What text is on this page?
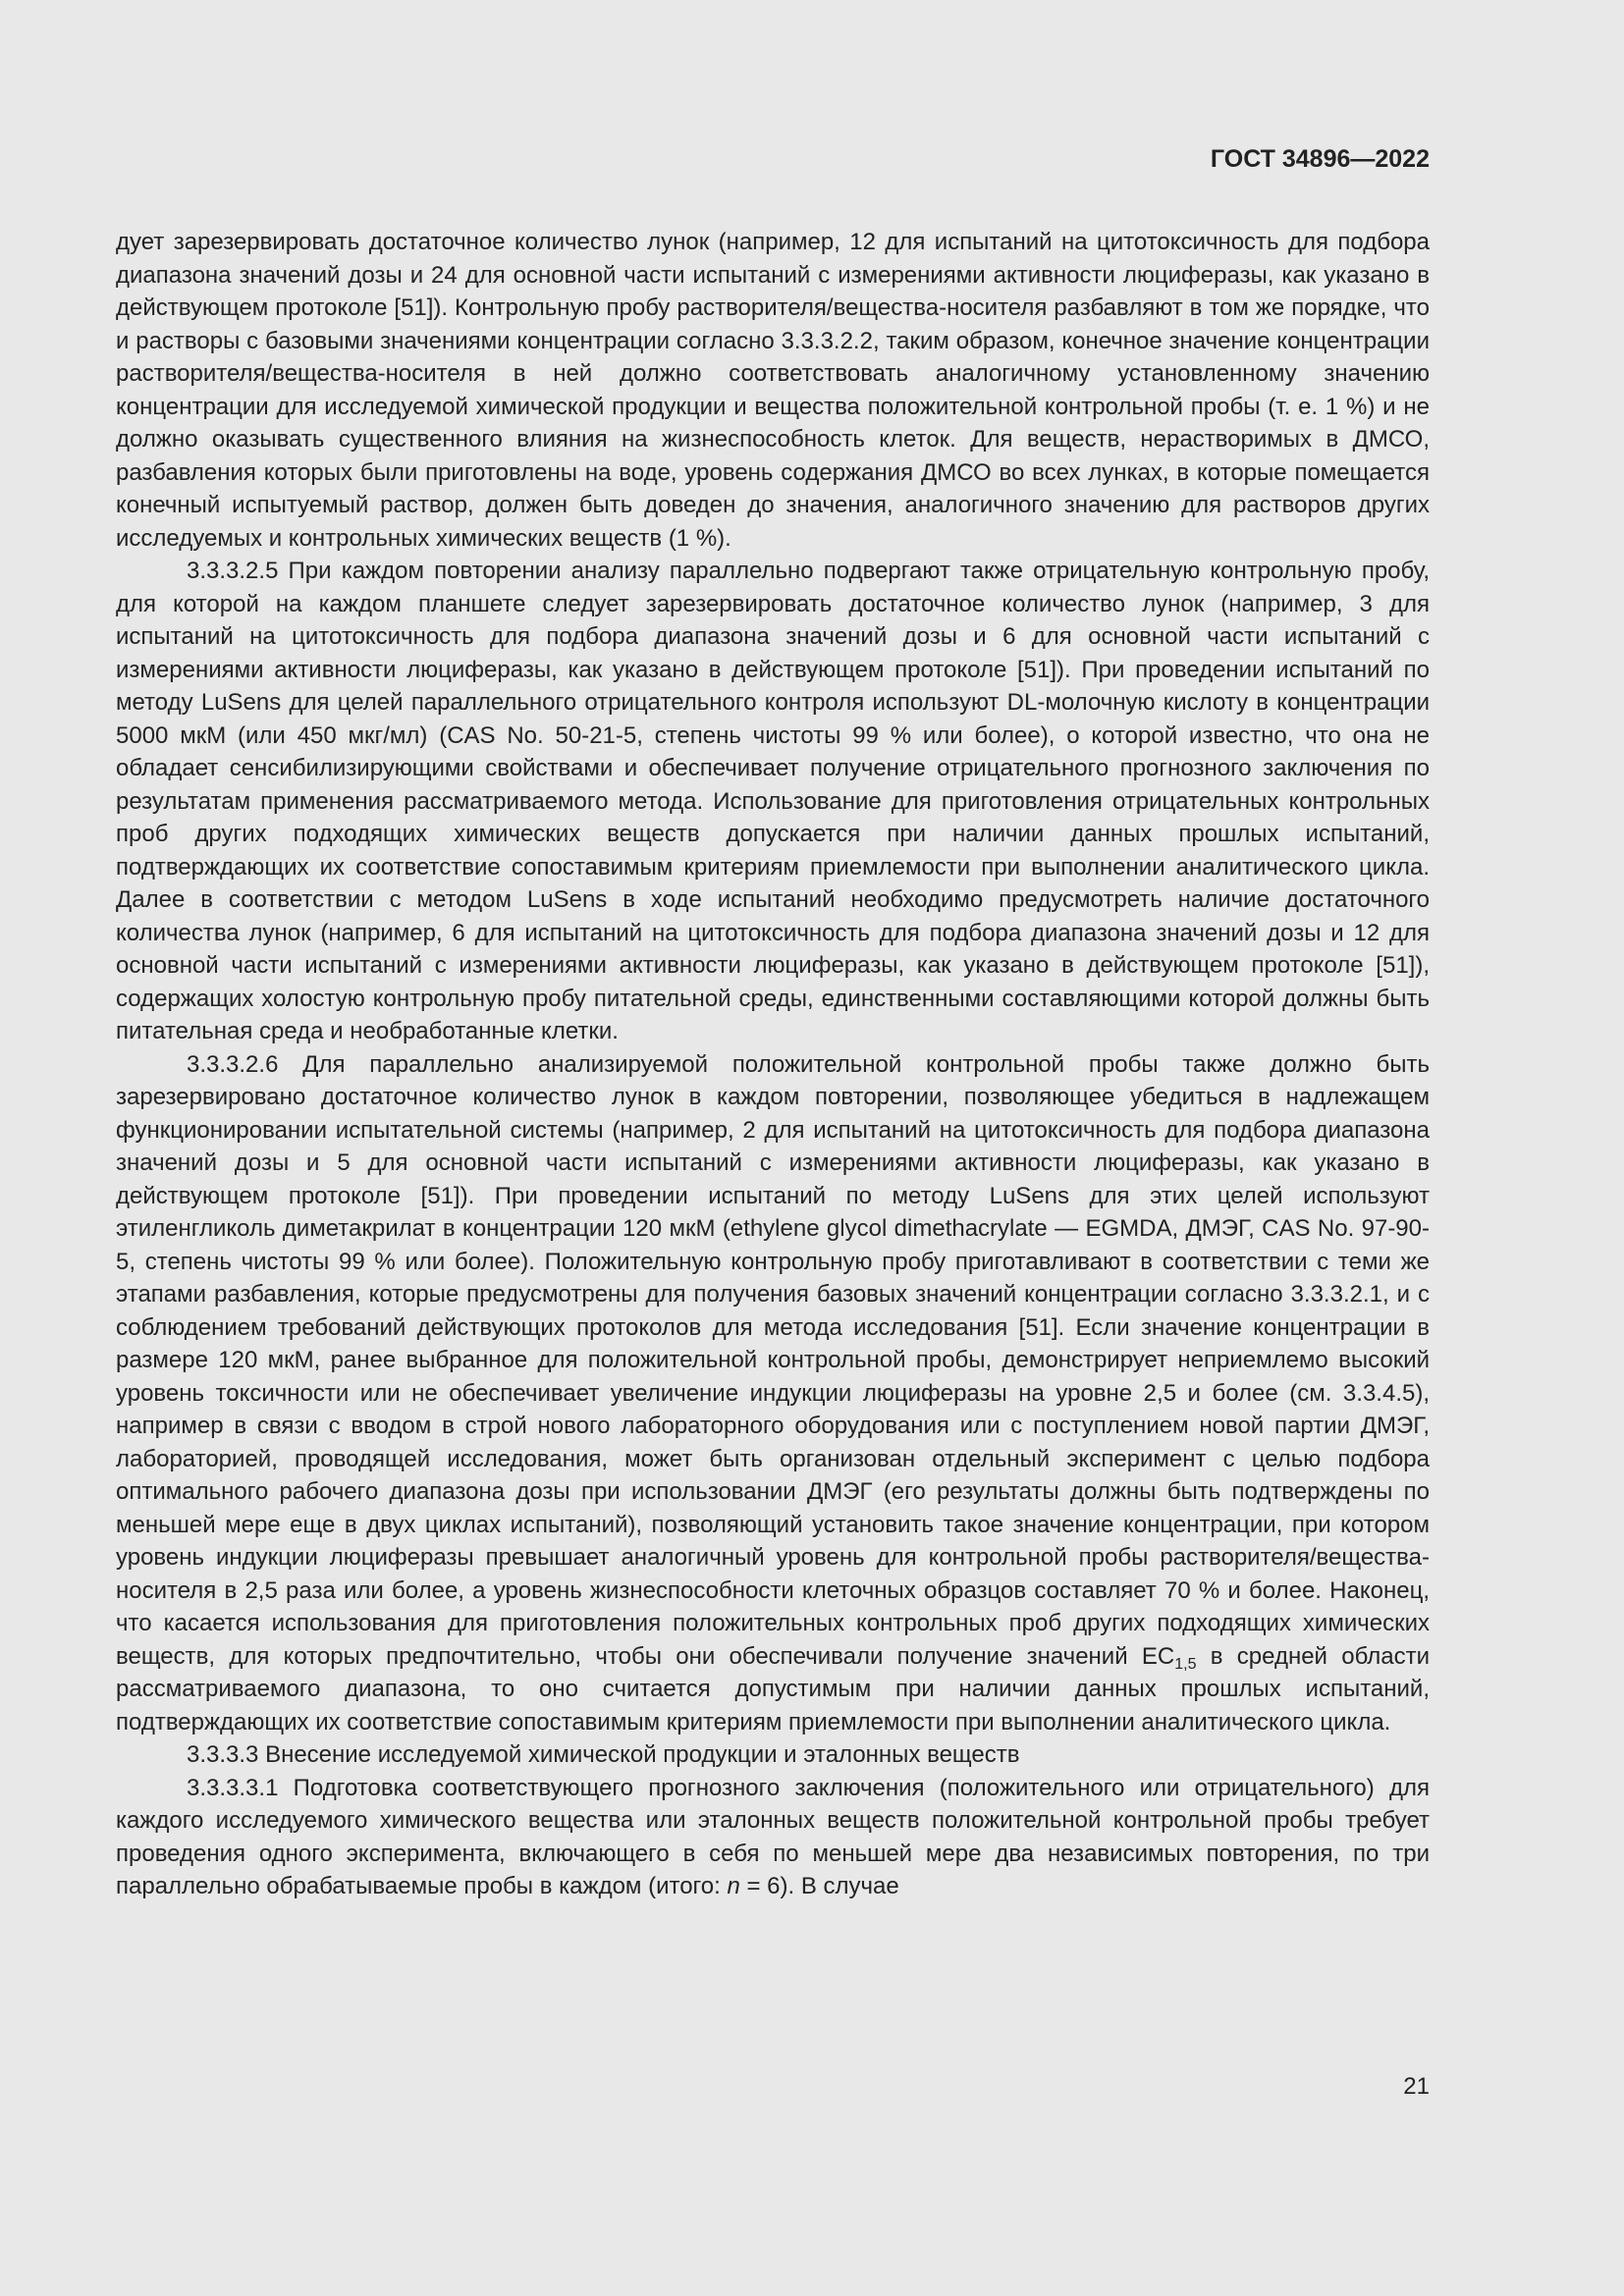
ГОСТ 34896—2022

дует зарезервировать достаточное количество лунок (например, 12 для испытаний на цитотоксичность для подбора диапазона значений дозы и 24 для основной части испытаний с измерениями активности люциферазы, как указано в действующем протоколе [51]). Контрольную пробу растворителя/вещества-носителя разбавляют в том же порядке, что и растворы с базовыми значениями концентрации согласно 3.3.3.2.2, таким образом, конечное значение концентрации растворителя/вещества-носителя в ней должно соответствовать аналогичному установленному значению концентрации для исследуемой химической продукции и вещества положительной контрольной пробы (т. е. 1 %) и не должно оказывать существенного влияния на жизнеспособность клеток. Для веществ, нерастворимых в ДМСО, разбавления которых были приготовлены на воде, уровень содержания ДМСО во всех лунках, в которые помещается конечный испытуемый раствор, должен быть доведен до значения, аналогичного значению для растворов других исследуемых и контрольных химических веществ (1 %).

3.3.3.2.5 При каждом повторении анализу параллельно подвергают также отрицательную контрольную пробу, для которой на каждом планшете следует зарезервировать достаточное количество лунок (например, 3 для испытаний на цитотоксичность для подбора диапазона значений дозы и 6 для основной части испытаний с измерениями активности люциферазы, как указано в действующем протоколе [51]). При проведении испытаний по методу LuSens для целей параллельного отрицательного контроля используют DL-молочную кислоту в концентрации 5000 мкМ (или 450 мкг/мл) (CAS No. 50-21-5, степень чистоты 99 % или более), о которой известно, что она не обладает сенсибилизирующими свойствами и обеспечивает получение отрицательного прогнозного заключения по результатам применения рассматриваемого метода. Использование для приготовления отрицательных контрольных проб других подходящих химических веществ допускается при наличии данных прошлых испытаний, подтверждающих их соответствие сопоставимым критериям приемлемости при выполнении аналитического цикла. Далее в соответствии с методом LuSens в ходе испытаний необходимо предусмотреть наличие достаточного количества лунок (например, 6 для испытаний на цитотоксичность для подбора диапазона значений дозы и 12 для основной части испытаний с измерениями активности люциферазы, как указано в действующем протоколе [51]), содержащих холостую контрольную пробу питательной среды, единственными составляющими которой должны быть питательная среда и необработанные клетки.

3.3.3.2.6 Для параллельно анализируемой положительной контрольной пробы также должно быть зарезервировано достаточное количество лунок в каждом повторении, позволяющее убедиться в надлежащем функционировании испытательной системы (например, 2 для испытаний на цитотоксичность для подбора диапазона значений дозы и 5 для основной части испытаний с измерениями активности люциферазы, как указано в действующем протоколе [51]). При проведении испытаний по методу LuSens для этих целей используют этиленгликоль диметакрилат в концентрации 120 мкМ (ethylene glycol dimethacrylate — EGMDA, ДМЭГ, CAS No. 97-90-5, степень чистоты 99 % или более). Положительную контрольную пробу приготавливают в соответствии с теми же этапами разбавления, которые предусмотрены для получения базовых значений концентрации согласно 3.3.3.2.1, и с соблюдением требований действующих протоколов для метода исследования [51]. Если значение концентрации в размере 120 мкМ, ранее выбранное для положительной контрольной пробы, демонстрирует неприемлемо высокий уровень токсичности или не обеспечивает увеличение индукции люциферазы на уровне 2,5 и более (см. 3.3.4.5), например в связи с вводом в строй нового лабораторного оборудования или с поступлением новой партии ДМЭГ, лабораторией, проводящей исследования, может быть организован отдельный эксперимент с целью подбора оптимального рабочего диапазона дозы при использовании ДМЭГ (его результаты должны быть подтверждены по меньшей мере еще в двух циклах испытаний), позволяющий установить такое значение концентрации, при котором уровень индукции люциферазы превышает аналогичный уровень для контрольной пробы растворителя/вещества-носителя в 2,5 раза или более, а уровень жизнеспособности клеточных образцов составляет 70 % и более. Наконец, что касается использования для приготовления положительных контрольных проб других подходящих химических веществ, для которых предпочтительно, чтобы они обеспечивали получение значений $EC_{1,5}$ в средней области рассматриваемого диапазона, то оно считается допустимым при наличии данных прошлых испытаний, подтверждающих их соответствие сопоставимым критериям приемлемости при выполнении аналитического цикла.

3.3.3.3 Внесение исследуемой химической продукции и эталонных веществ

3.3.3.3.1 Подготовка соответствующего прогнозного заключения (положительного или отрицательного) для каждого исследуемого химического вещества или эталонных веществ положительной контрольной пробы требует проведения одного эксперимента, включающего в себя по меньшей мере два независимых повторения, по три параллельно обрабатываемые пробы в каждом (итого: n = 6). В случае

21
